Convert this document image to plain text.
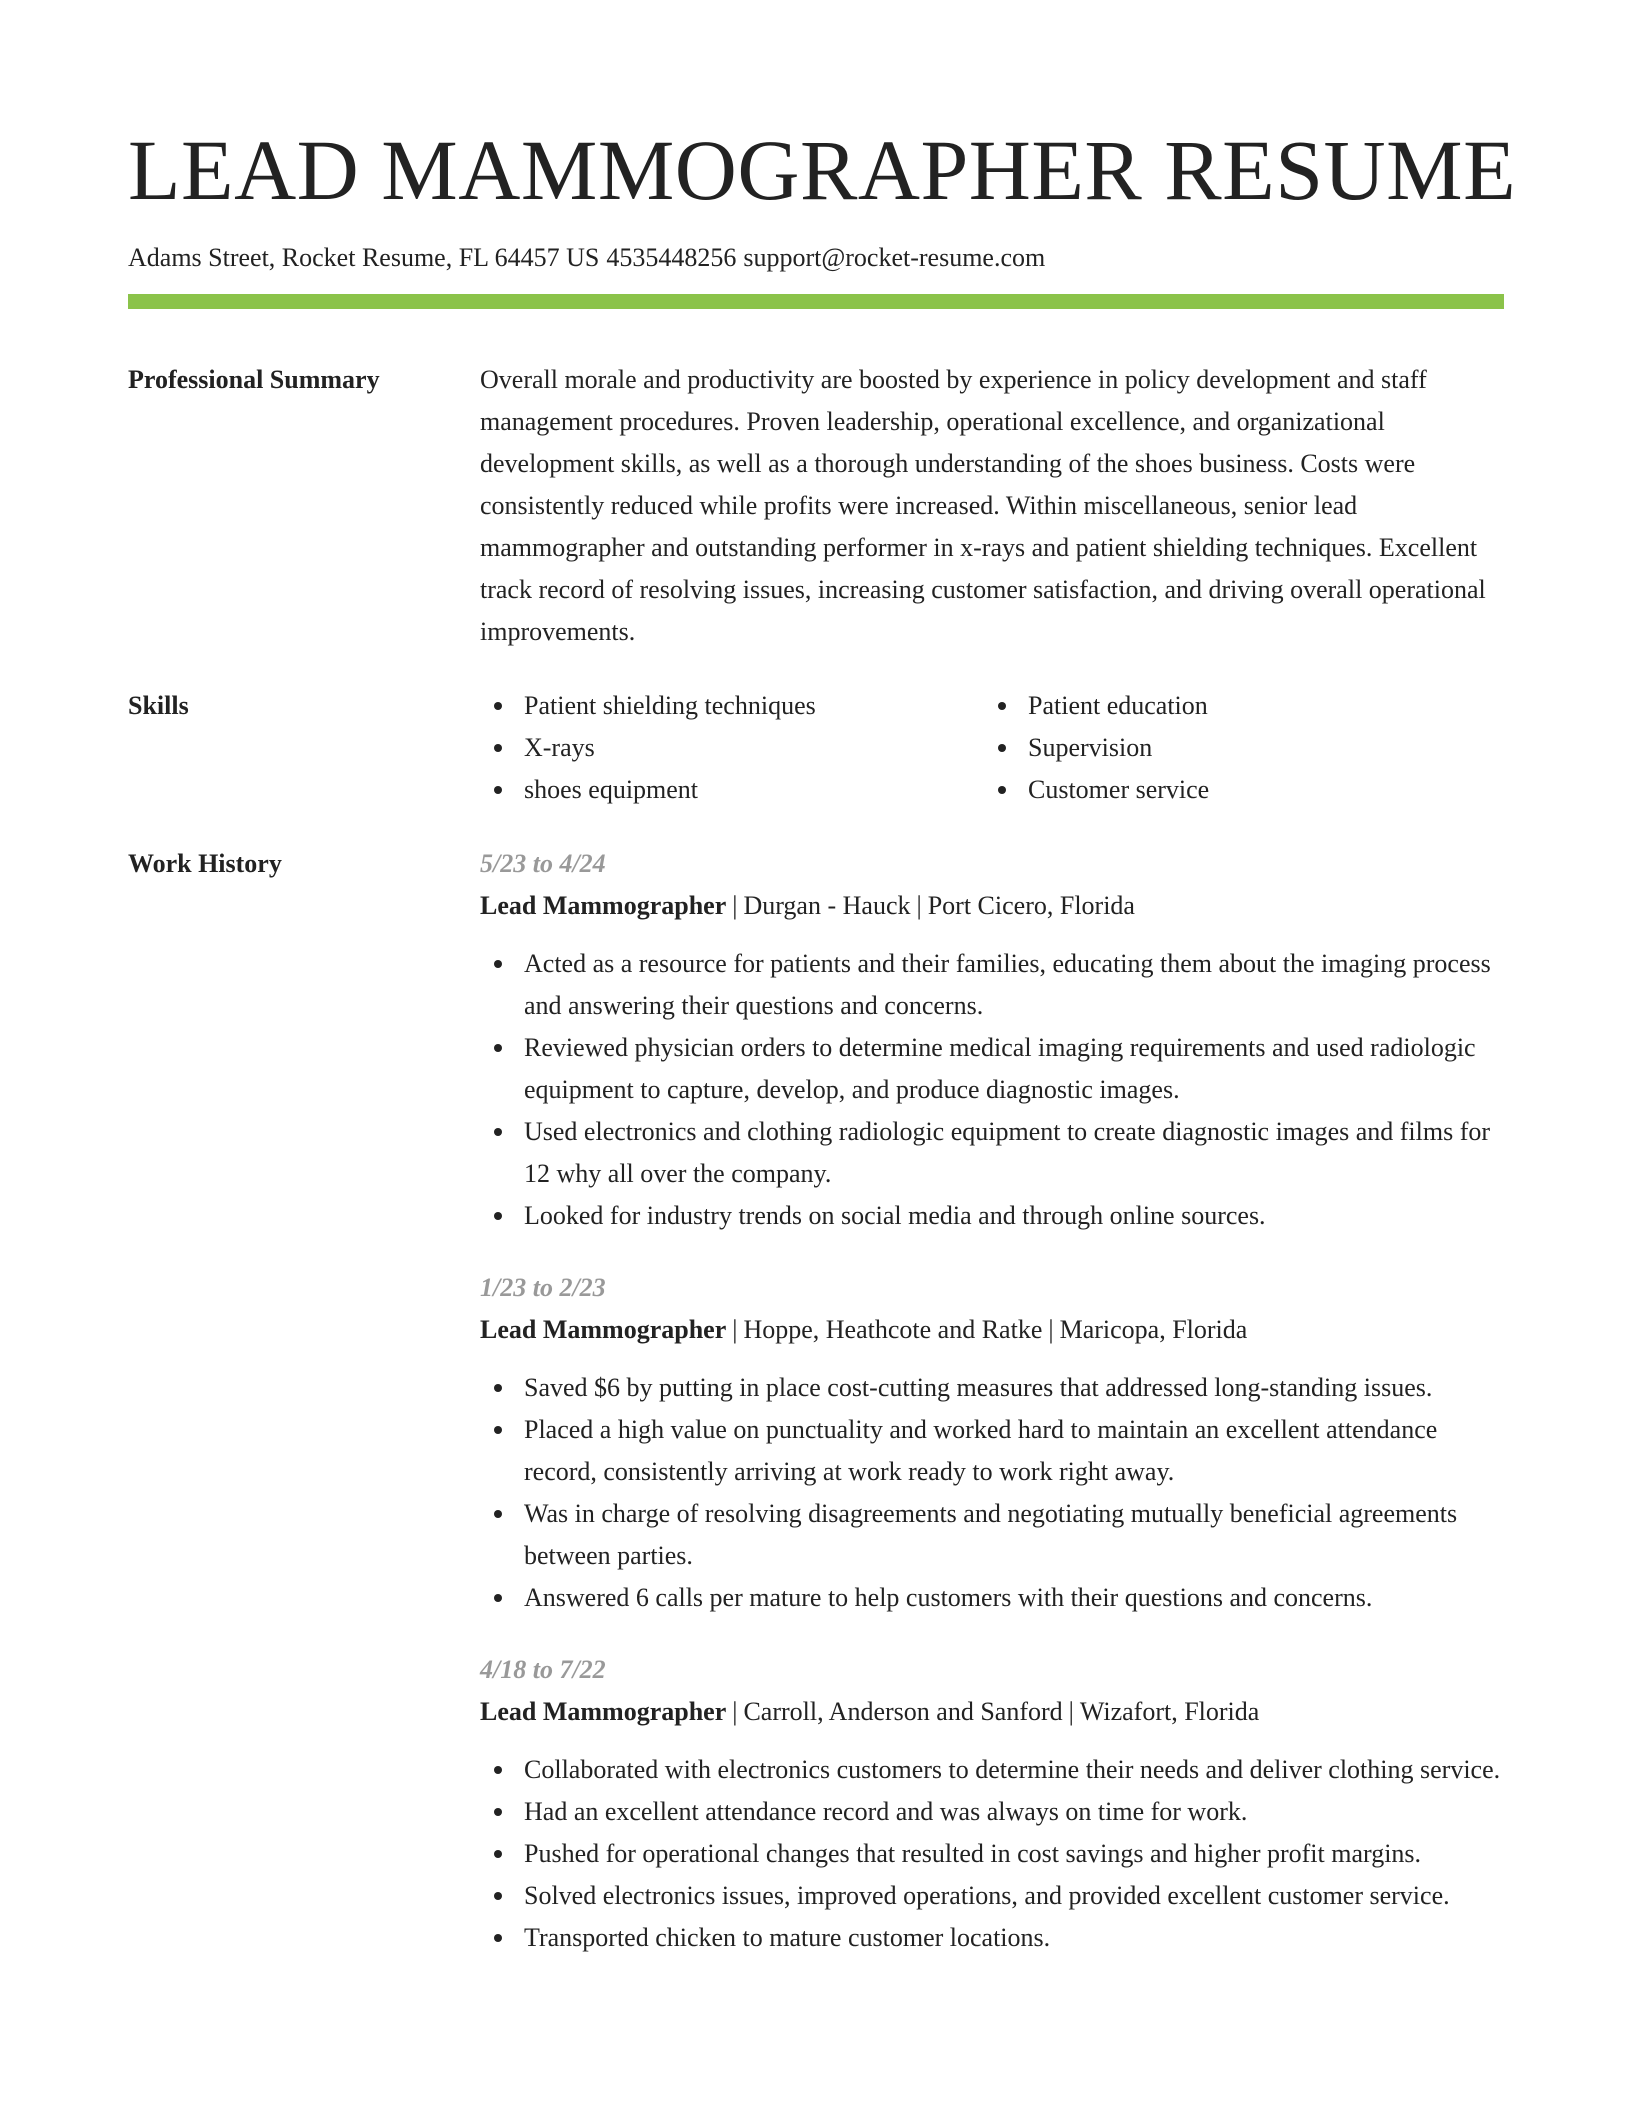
LEAD MAMMOGRAPHER RESUME
Adams Street, Rocket Resume, FL 64457 US 4535448256 support@rocket-resume.com
Professional Summary	Overall morale and productivity are boosted by experience in policy development and staff management procedures. Proven leadership, operational excellence, and organizational development skills, as well as a thorough understanding of the shoes business. Costs were consistently reduced while profits were increased. Within miscellaneous, senior lead mammographer and outstanding performer in x-rays and patient shielding techniques. Excellent track record of resolving issues, increasing customer satisfaction, and driving overall operational improvements.

Skills	Patient shielding techniques
X-rays
shoes equipment
Patient education
Supervision
Customer service
Work History	5/23 to 4/24
Lead Mammographer | Durgan - Hauck | Port Cicero, Florida
Acted as a resource for patients and their families, educating them about the imaging process and answering their questions and concerns.
Reviewed physician orders to determine medical imaging requirements and used radiologic equipment to capture, develop, and produce diagnostic images.
Used electronics and clothing radiologic equipment to create diagnostic images and films for 12 why all over the company.
Looked for industry trends on social media and through online sources.
1/23 to 2/23
Lead Mammographer | Hoppe, Heathcote and Ratke | Maricopa, Florida
Saved $6 by putting in place cost-cutting measures that addressed long-standing issues.
Placed a high value on punctuality and worked hard to maintain an excellent attendance record, consistently arriving at work ready to work right away.
Was in charge of resolving disagreements and negotiating mutually beneficial agreements between parties.
Answered 6 calls per mature to help customers with their questions and concerns.
4/18 to 7/22
Lead Mammographer | Carroll, Anderson and Sanford | Wizafort, Florida
Collaborated with electronics customers to determine their needs and deliver clothing service.
Had an excellent attendance record and was always on time for work.
Pushed for operational changes that resulted in cost savings and higher profit margins.
Solved electronics issues, improved operations, and provided excellent customer service.
Transported chicken to mature customer locations.
